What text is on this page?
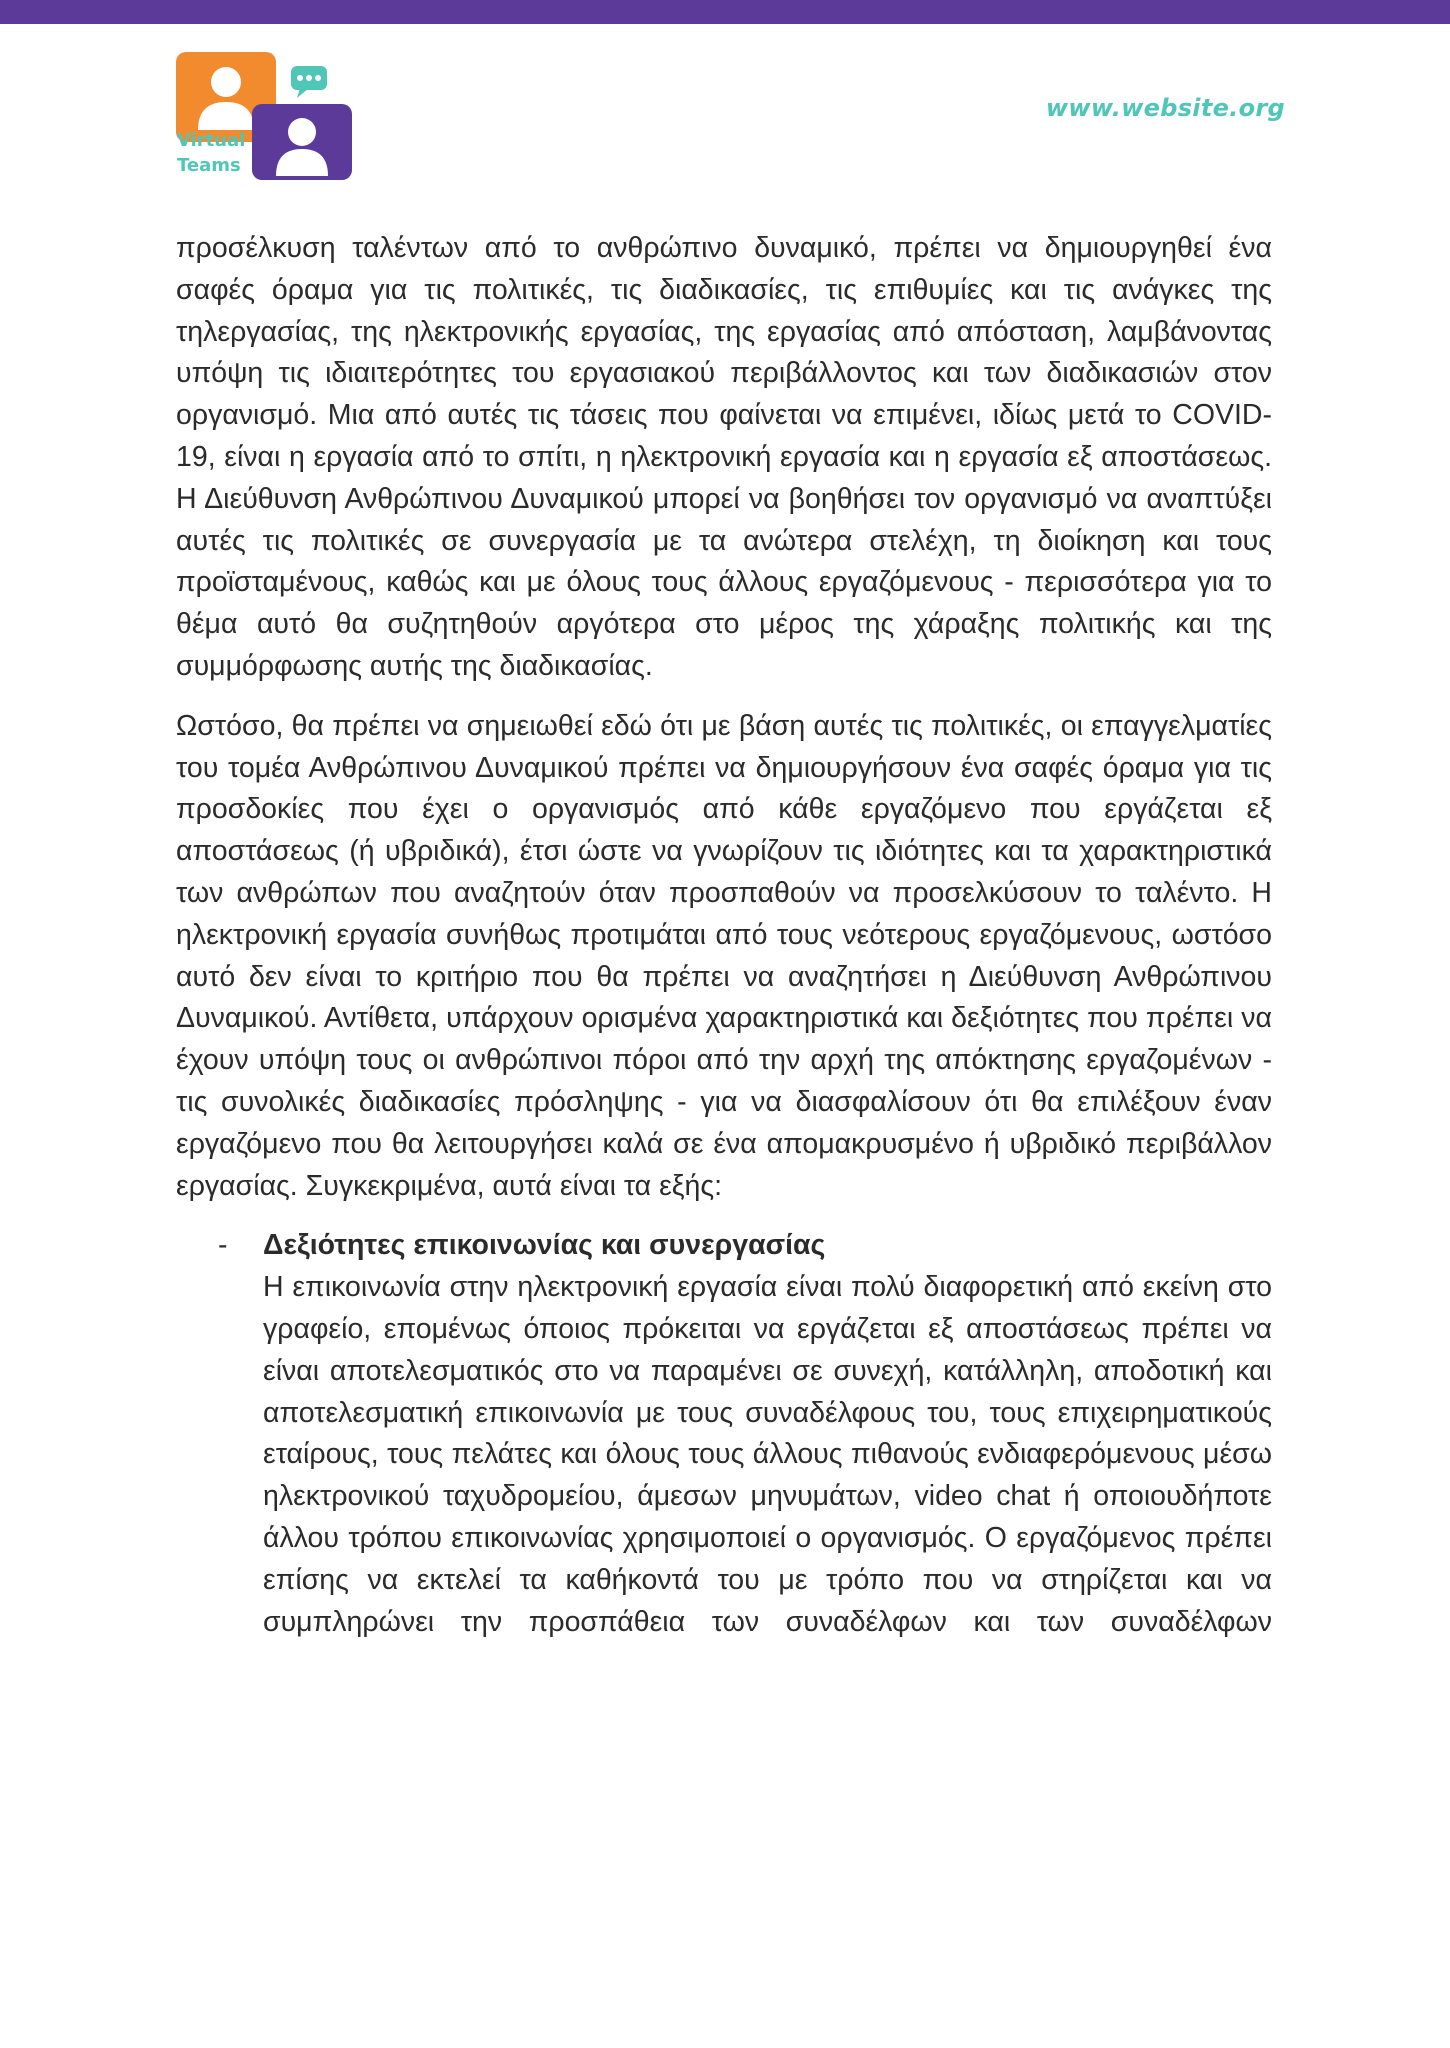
Virtual
Teams
www.website.org

προσέλκυση ταλέντων από το ανθρώπινο δυναμικό, πρέπει να δημιουργηθεί ένα σαφές όραμα για τις πολιτικές, τις διαδικασίες, τις επιθυμίες και τις ανάγκες της τηλεργασίας, της ηλεκτρονικής εργασίας, της εργασίας από απόσταση, λαμβάνοντας υπόψη τις ιδιαιτερότητες του εργασιακού περιβάλλοντος και των διαδικασιών στον οργανισμό. Μια από αυτές τις τάσεις που φαίνεται να επιμένει, ιδίως μετά το COVID-19, είναι η εργασία από το σπίτι, η ηλεκτρονική εργασία και η εργασία εξ αποστάσεως. Η Διεύθυνση Ανθρώπινου Δυναμικού μπορεί να βοηθήσει τον οργανισμό να αναπτύξει αυτές τις πολιτικές σε συνεργασία με τα ανώτερα στελέχη, τη διοίκηση και τους προϊσταμένους, καθώς και με όλους τους άλλους εργαζόμενους - περισσότερα για το θέμα αυτό θα συζητηθούν αργότερα στο μέρος της χάραξης πολιτικής και της συμμόρφωσης αυτής της διαδικασίας.

Ωστόσο, θα πρέπει να σημειωθεί εδώ ότι με βάση αυτές τις πολιτικές, οι επαγγελματίες του τομέα Ανθρώπινου Δυναμικού πρέπει να δημιουργήσουν ένα σαφές όραμα για τις προσδοκίες που έχει ο οργανισμός από κάθε εργαζόμενο που εργάζεται εξ αποστάσεως (ή υβριδικά), έτσι ώστε να γνωρίζουν τις ιδιότητες και τα χαρακτηριστικά των ανθρώπων που αναζητούν όταν προσπαθούν να προσελκύσουν το ταλέντο. Η ηλεκτρονική εργασία συνήθως προτιμάται από τους νεότερους εργαζόμενους, ωστόσο αυτό δεν είναι το κριτήριο που θα πρέπει να αναζητήσει η Διεύθυνση Ανθρώπινου Δυναμικού. Αντίθετα, υπάρχουν ορισμένα χαρακτηριστικά και δεξιότητες που πρέπει να έχουν υπόψη τους οι ανθρώπινοι πόροι από την αρχή της απόκτησης εργαζομένων - τις συνολικές διαδικασίες πρόσληψης - για να διασφαλίσουν ότι θα επιλέξουν έναν εργαζόμενο που θα λειτουργήσει καλά σε ένα απομακρυσμένο ή υβριδικό περιβάλλον εργασίας. Συγκεκριμένα, αυτά είναι τα εξής:

- Δεξιότητες επικοινωνίας και συνεργασίας

Η επικοινωνία στην ηλεκτρονική εργασία είναι πολύ διαφορετική από εκείνη στο γραφείο, επομένως όποιος πρόκειται να εργάζεται εξ αποστάσεως πρέπει να είναι αποτελεσματικός στο να παραμένει σε συνεχή, κατάλληλη, αποδοτική και αποτελεσματική επικοινωνία με τους συναδέλφους του, τους επιχειρηματικούς εταίρους, τους πελάτες και όλους τους άλλους πιθανούς ενδιαφερόμενους μέσω ηλεκτρονικού ταχυδρομείου, άμεσων μηνυμάτων, video chat ή οποιουδήποτε άλλου τρόπου επικοινωνίας χρησιμοποιεί ο οργανισμός. Ο εργαζόμενος πρέπει επίσης να εκτελεί τα καθήκοντά του με τρόπο που να στηρίζεται και να συμπληρώνει την προσπάθεια των συναδέλφων και των συναδέλφων
